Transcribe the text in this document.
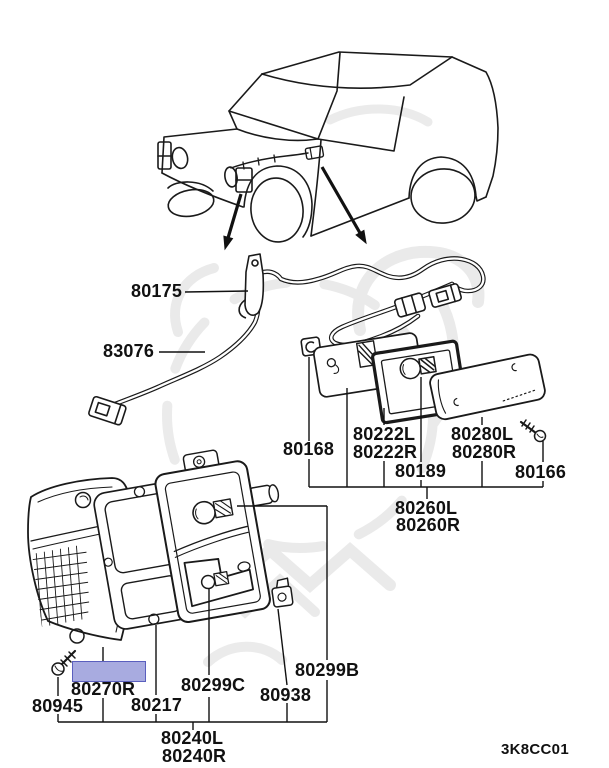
80175
83076
80168
80222L
80222R
80189
80280L
80280R
80166
80260L
80260R
80270R
80945	80217
80299C 80938
80299B
80240L
80240R	3K8CC01
